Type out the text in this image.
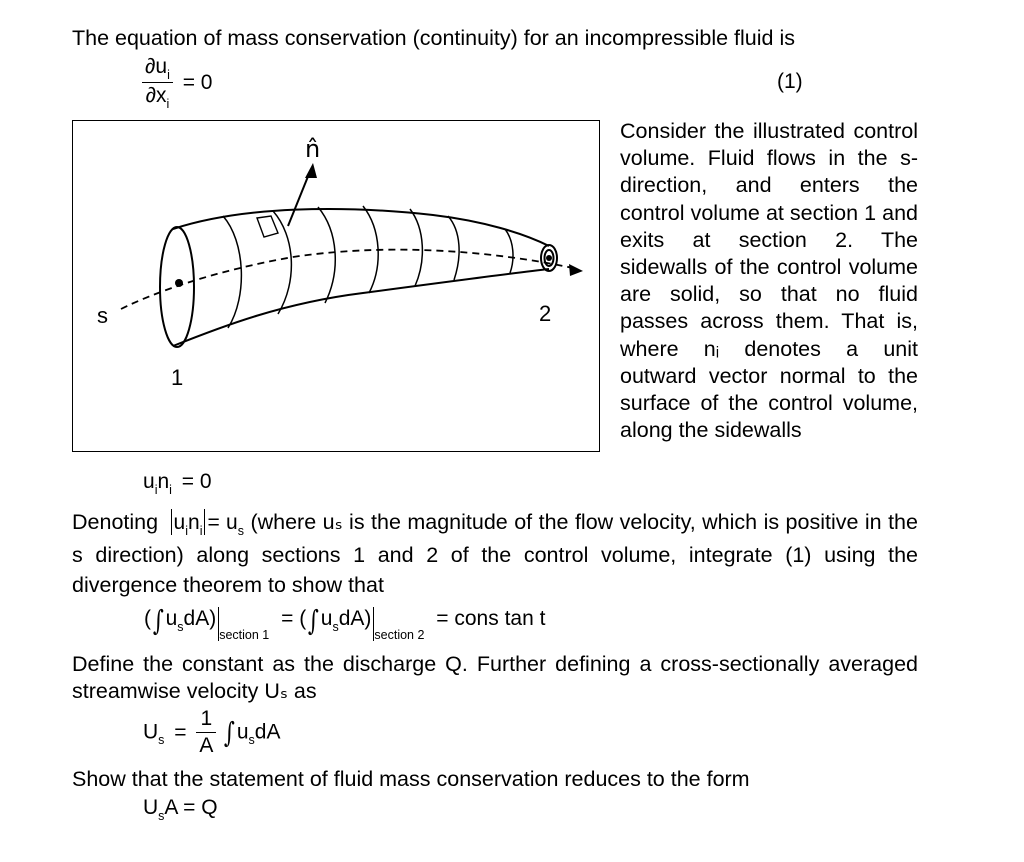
The equation of mass conservation (continuity) for an incompressible fluid is
$\frac{\partial u_i}{\partial x_i} = 0$	(1)
n̂
s
1
2
Consider the illustrated control volume. Fluid flows in the s-direction, and enters the control volume at section 1 and exits at section 2. The sidewalls of the control volume are solid, so that no fluid passes across them. That is, where nᵢ denotes a unit outward vector normal to the surface of the control volume, along the sidewalls
$u_in_i = 0$
Denoting $u_in_i = u_s$ (where uₛ is the magnitude of the flow velocity, which is positive in the s direction) along sections 1 and 2 of the control volume, integrate (1) using the divergence theorem to show that
$(\int u_sdA)_{section 1} = (\int u_sdA)_{section 2}$ = cons tan t
Define the constant as the discharge Q. Further defining a cross-sectionally averaged streamwise velocity Uₛ as
$U_s = \frac{1}{A} \int u_sdA$
Show that the statement of fluid mass conservation reduces to the form
$U_sA = Q$
